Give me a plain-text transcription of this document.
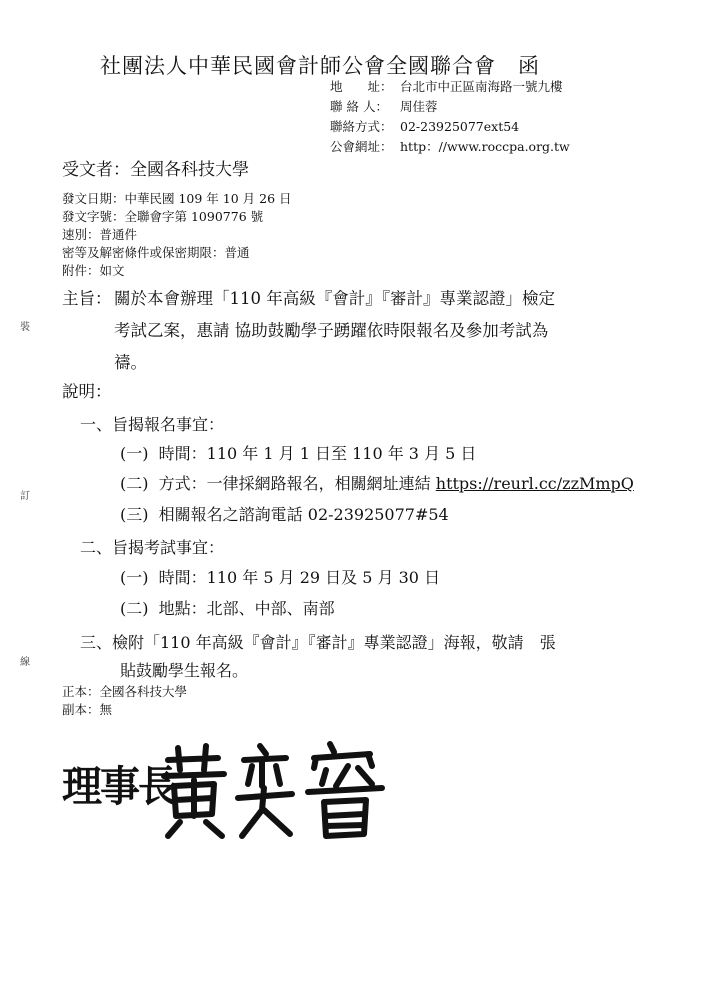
社團法人中華民國會計師公會全國聯合會 函
地　　址： 台北市中正區南海路一號九樓
聯 絡 人： 周佳蓉
聯絡方式： 02-23925077ext54
公會網址： http：//www.roccpa.org.tw
受文者：全國各科技大學
發文日期：中華民國 109 年 10 月 26 日
發文字號：全聯會字第 1090776 號
速別：普通件
密等及解密條件或保密期限：普通
附件：如文
主旨： 關於本會辦理「110 年高級『會計』『審計』專業認證」檢定
考試乙案，惠請 協助鼓勵學子踴躍依時限報名及參加考試為
禱。
說明：
一、旨揭報名事宜：
(一) 時間：110 年 1 月 1 日至 110 年 3 月 5 日
(二) 方式：一律採網路報名，相關網址連結 https://reurl.cc/zzMmpQ
(三) 相關報名之諮詢電話 02-23925077#54
二、旨揭考試事宜：
(一) 時間：110 年 5 月 29 日及 5 月 30 日
(二) 地點：北部、中部、南部
三、檢附「110 年高級『會計』『審計』專業認證」海報，敬請　張
貼鼓勵學生報名。
裝
訂
線
正本：全國各科技大學
副本：無
理事長
